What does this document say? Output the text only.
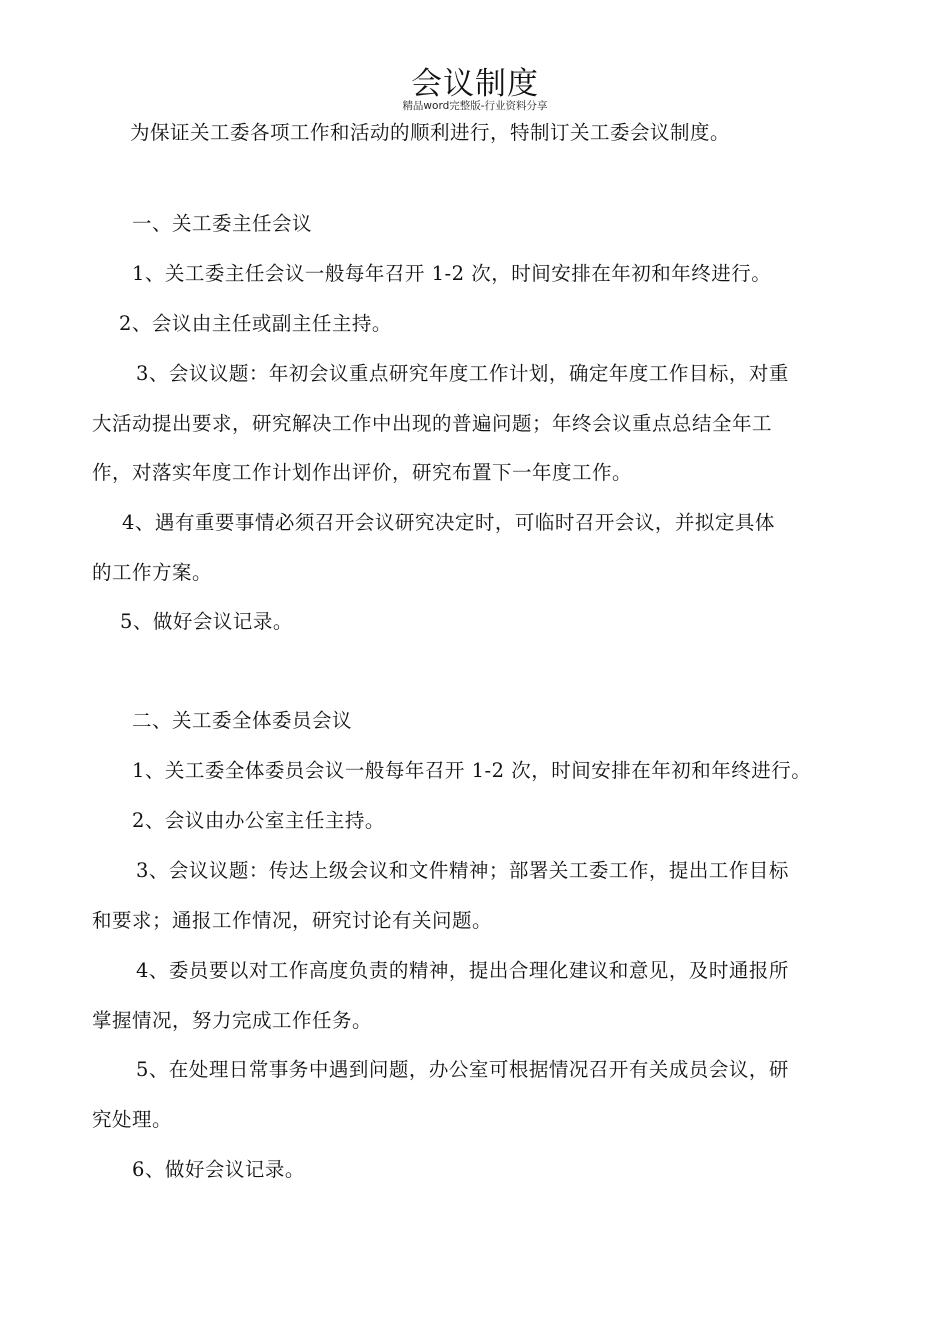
会议制度
精品word完整版-行业资料分享

为保证关工委各项工作和活动的顺利进行，特制订关工委会议制度。

一、关工委主任会议

1、关工委主任会议一般每年召开 1-2 次，时间安排在年初和年终进行。

2、会议由主任或副主任主持。

3、会议议题：年初会议重点研究年度工作计划，确定年度工作目标，对重

大活动提出要求，研究解决工作中出现的普遍问题；年终会议重点总结全年工

作，对落实年度工作计划作出评价，研究布置下一年度工作。

4、遇有重要事情必须召开会议研究决定时，可临时召开会议，并拟定具体

的工作方案。

5、做好会议记录。

二、关工委全体委员会议

1、关工委全体委员会议一般每年召开 1-2 次，时间安排在年初和年终进行。

2、会议由办公室主任主持。

3、会议议题：传达上级会议和文件精神；部署关工委工作，提出工作目标

和要求；通报工作情况，研究讨论有关问题。

4、委员要以对工作高度负责的精神，提出合理化建议和意见，及时通报所

掌握情况，努力完成工作任务。

5、在处理日常事务中遇到问题，办公室可根据情况召开有关成员会议，研

究处理。

6、做好会议记录。
